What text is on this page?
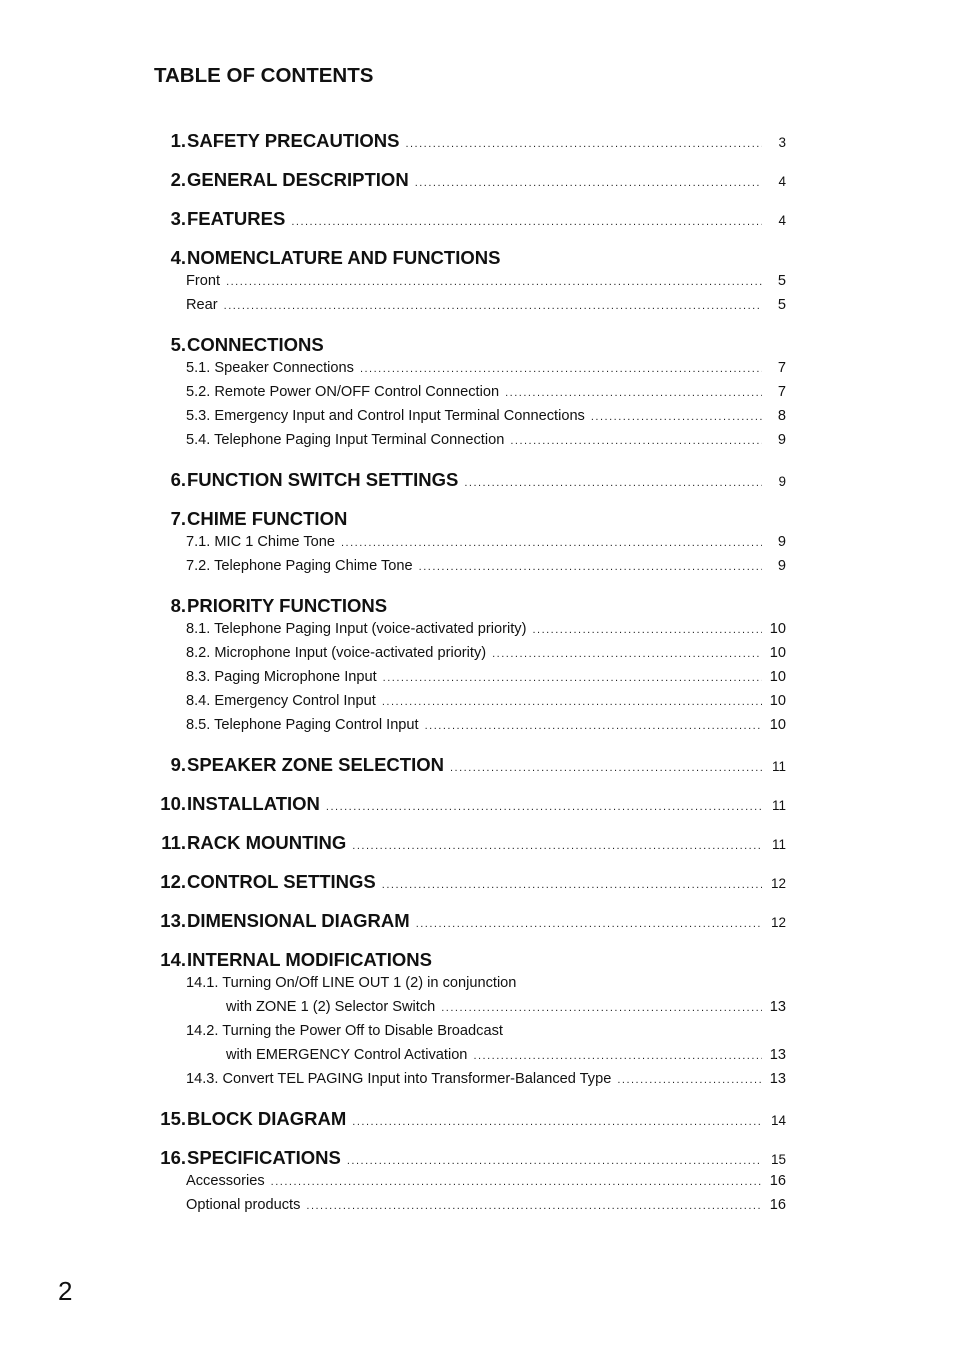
TABLE OF CONTENTS
1. SAFETY PRECAUTIONS .....	3
2. GENERAL DESCRIPTION .....	4
3. FEATURES .....	4
4. NOMENCLATURE AND FUNCTIONS
Front .....	5
Rear .....	5
5. CONNECTIONS
5.1. Speaker Connections .....	7
5.2. Remote Power ON/OFF Control Connection .....	7
5.3. Emergency Input and Control Input Terminal Connections .....	8
5.4. Telephone Paging Input Terminal Connection .....	9
6. FUNCTION SWITCH SETTINGS .....	9
7. CHIME FUNCTION
7.1. MIC 1 Chime Tone .....	9
7.2. Telephone Paging Chime Tone .....	9
8. PRIORITY FUNCTIONS
8.1. Telephone Paging Input (voice-activated priority) .....	10
8.2. Microphone Input (voice-activated priority) .....	10
8.3. Paging Microphone Input .....	10
8.4. Emergency Control Input .....	10
8.5. Telephone Paging Control Input .....	10
9. SPEAKER ZONE SELECTION .....	11
10. INSTALLATION .....	11
11. RACK MOUNTING .....	11
12. CONTROL SETTINGS .....	12
13. DIMENSIONAL DIAGRAM .....	12
14. INTERNAL MODIFICATIONS
14.1. Turning On/Off LINE OUT 1 (2) in conjunction
with ZONE 1 (2) Selector Switch .....	13
14.2. Turning the Power Off to Disable Broadcast
with EMERGENCY Control Activation .....	13
14.3. Convert TEL PAGING Input into Transformer-Balanced Type .....	13
15. BLOCK DIAGRAM .....	14
16. SPECIFICATIONS .....	15
Accessories .....	16
Optional products .....	16
2
